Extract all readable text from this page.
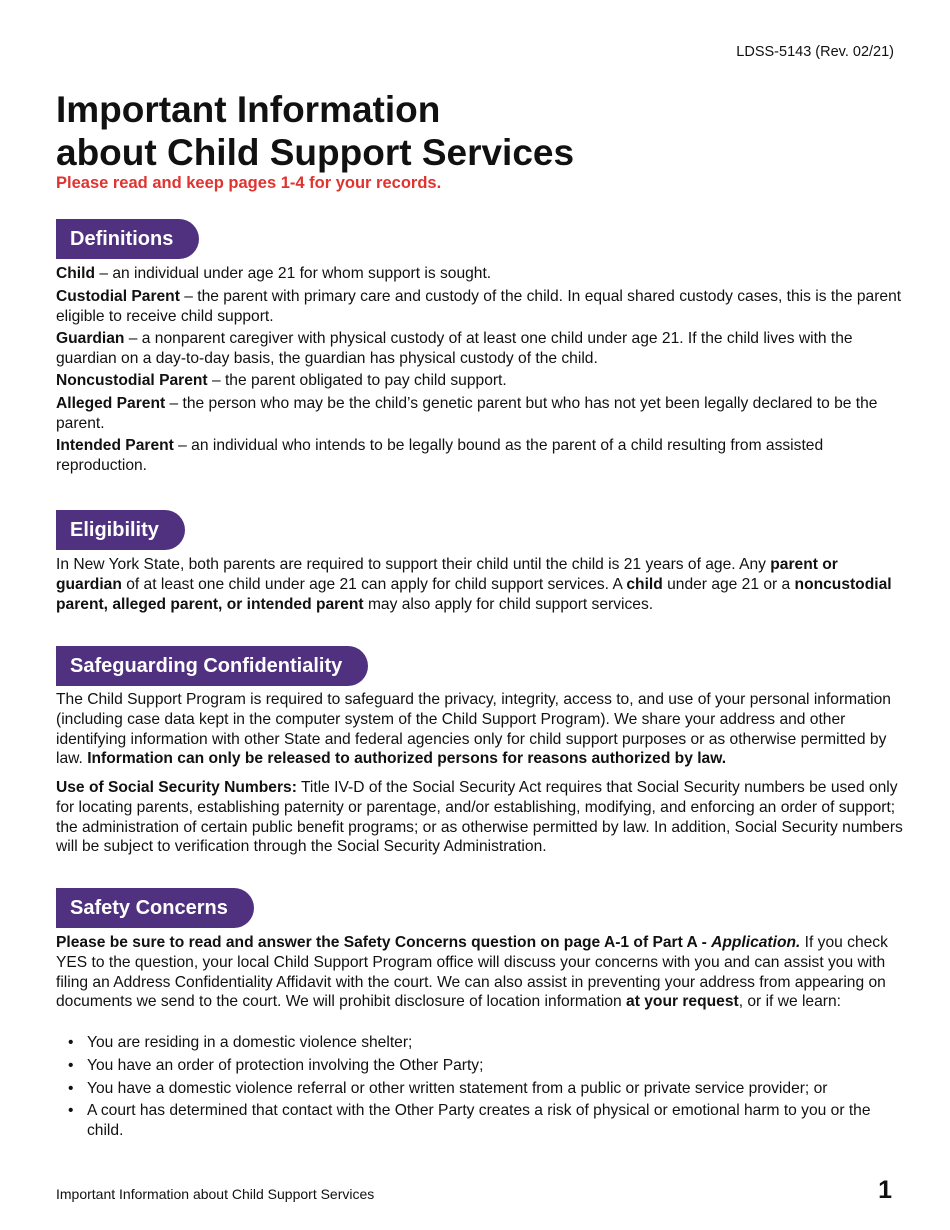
LDSS-5143 (Rev. 02/21)
Important Information
about Child Support Services
Please read and keep pages 1-4 for your records.
Definitions

Child – an individual under age 21 for whom support is sought.

Custodial Parent – the parent with primary care and custody of the child. In equal shared custody cases, this is the parent eligible to receive child support.

Guardian – a nonparent caregiver with physical custody of at least one child under age 21. If the child lives with the guardian on a day-to-day basis, the guardian has physical custody of the child.

Noncustodial Parent – the parent obligated to pay child support.

Alleged Parent – the person who may be the child’s genetic parent but who has not yet been legally declared to be the parent.

Intended Parent – an individual who intends to be legally bound as the parent of a child resulting from assisted reproduction.

Eligibility

In New York State, both parents are required to support their child until the child is 21 years of age. Any parent or guardian of at least one child under age 21 can apply for child support services. A child under age 21 or a noncustodial parent, alleged parent, or intended parent may also apply for child support services.

Safeguarding Confidentiality

The Child Support Program is required to safeguard the privacy, integrity, access to, and use of your personal information (including case data kept in the computer system of the Child Support Program). We share your address and other identifying information with other State and federal agencies only for child support purposes or as otherwise permitted by law. Information can only be released to authorized persons for reasons authorized by law.

Use of Social Security Numbers: Title IV-D of the Social Security Act requires that Social Security numbers be used only for locating parents, establishing paternity or parentage, and/or establishing, modifying, and enforcing an order of support; the administration of certain public benefit programs; or as otherwise permitted by law. In addition, Social Security numbers will be subject to verification through the Social Security Administration.

Safety Concerns

Please be sure to read and answer the Safety Concerns question on page A-1 of Part A - Application. If you check YES to the question, your local Child Support Program office will discuss your concerns with you and can assist you with filing an Address Confidentiality Affidavit with the court. We can also assist in preventing your address from appearing on documents we send to the court. We will prohibit disclosure of location information at your request, or if we learn:

• You are residing in a domestic violence shelter;
• You have an order of protection involving the Other Party;
• You have a domestic violence referral or other written statement from a public or private service provider; or
• A court has determined that contact with the Other Party creates a risk of physical or emotional harm to you or the child.
Important Information about Child Support Services	1
